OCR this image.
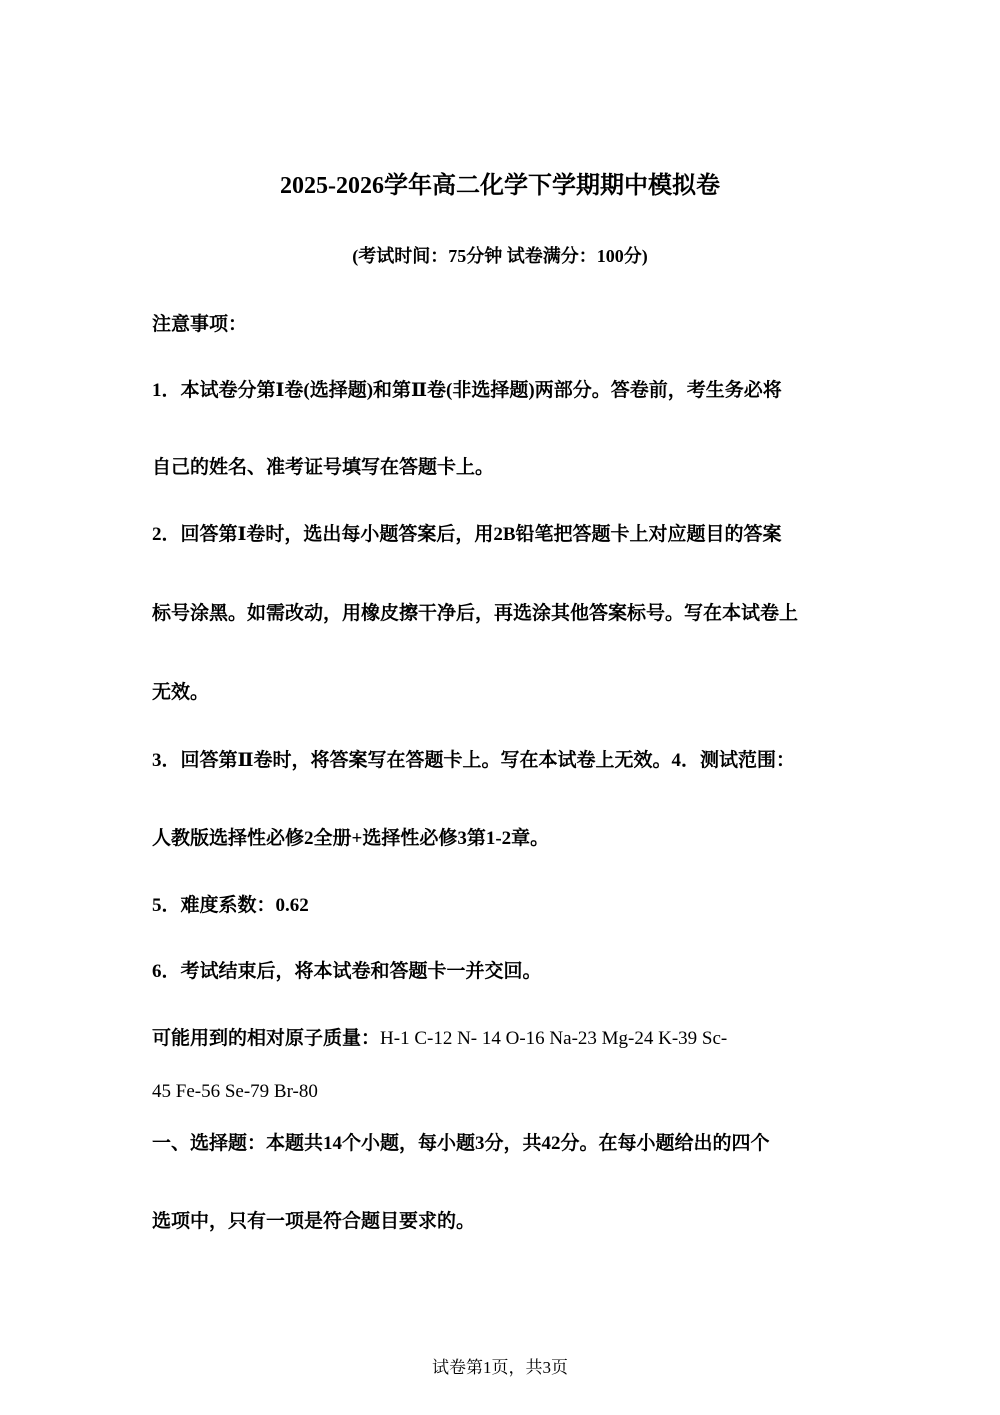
2025-2026学年高二化学下学期期中模拟卷
(考试时间：75分钟 试卷满分：100分)
注意事项：
1．本试卷分第Ⅰ卷(选择题)和第Ⅱ卷(非选择题)两部分。答卷前，考生务必将
自己的姓名、准考证号填写在答题卡上。
2．回答第Ⅰ卷时，选出每小题答案后，用2B铅笔把答题卡上对应题目的答案
标号涂黑。如需改动，用橡皮擦干净后，再选涂其他答案标号。写在本试卷上
无效。
3．回答第Ⅱ卷时，将答案写在答题卡上。写在本试卷上无效。4．测试范围：
人教版选择性必修2全册+选择性必修3第1-2章。
5．难度系数：0.62
6．考试结束后，将本试卷和答题卡一并交回。
可能用到的相对原子质量：H-1 C-12 N- 14 O-16 Na-23 Mg-24 K-39 Sc-
45 Fe-56 Se-79 Br-80
一、选择题：本题共14个小题，每小题3分，共42分。在每小题给出的四个
选项中，只有一项是符合题目要求的。
试卷第1页，共3页
